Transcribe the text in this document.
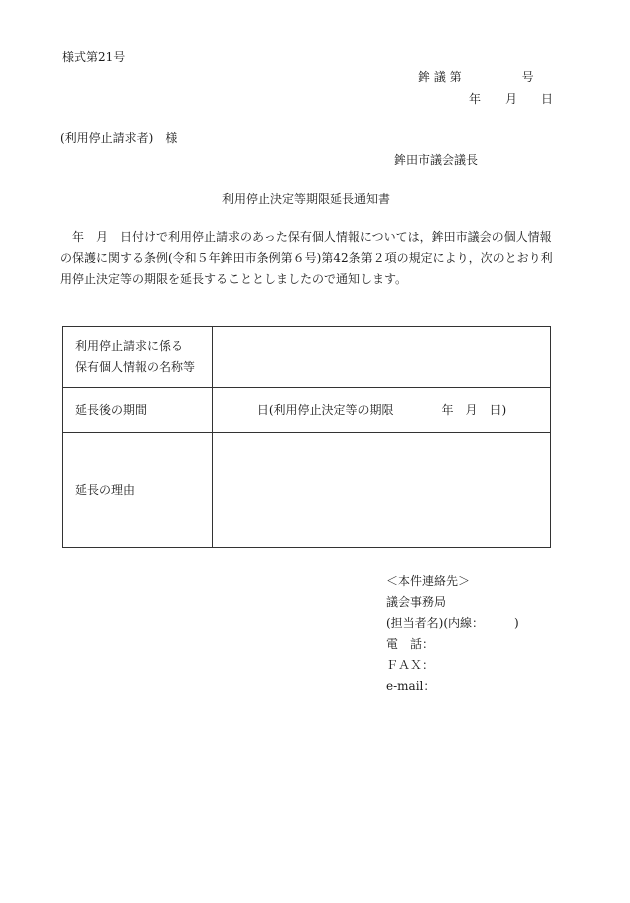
様式第21号
鉾 議 第　　　　　号
年　　月　　日
(利用停止請求者)　様
鉾田市議会議長
利用停止決定等期限延長通知書
年　月　日付けで利用停止請求のあった保有個人情報については，鉾田市議会の個人情報の保護に関する条例(令和５年鉾田市条例第６号)第42条第２項の規定により，次のとおり利用停止決定等の期限を延長することとしましたので通知します。
利用停止請求に係る
保有個人情報の名称等	

延長後の期間	日(利用停止決定等の期限　　　　年　月　日)
延長の理由	
＜本件連絡先＞
議会事務局
(担当者名)(内線：　　　)
電　話：
ＦＡＸ：
e-mail：
